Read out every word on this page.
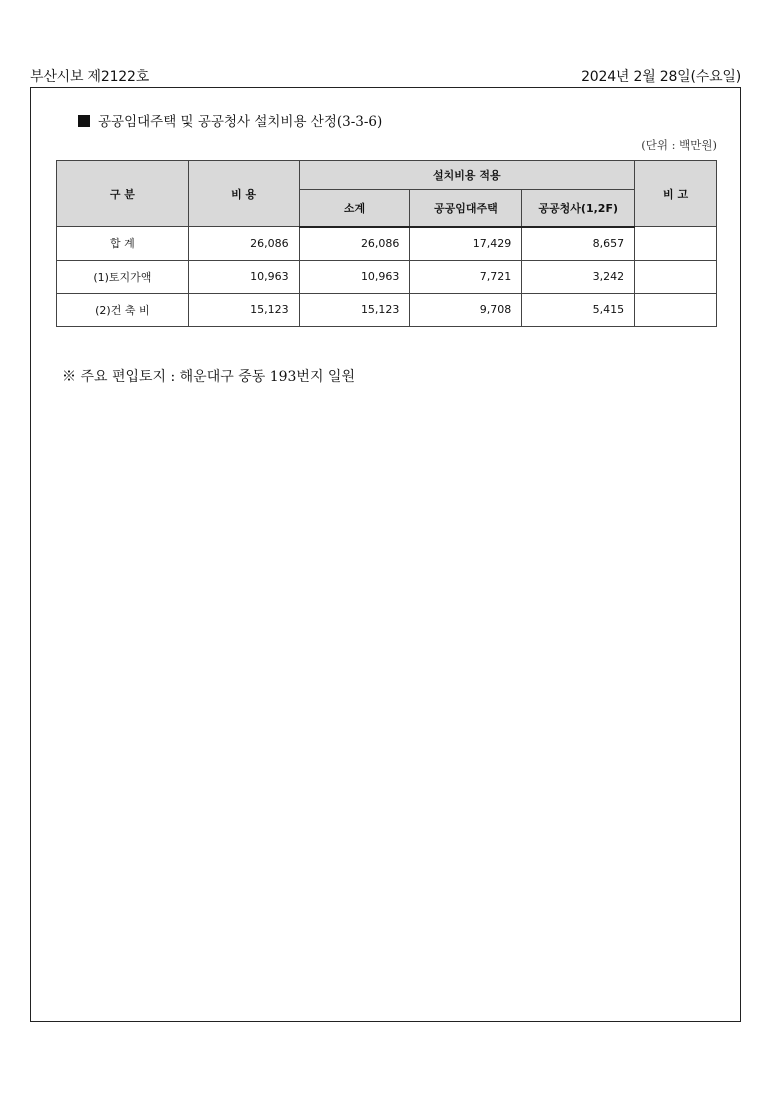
부산시보 제2122호	2024년 2월 28일(수요일)
공공임대주택 및 공공청사 설치비용 산정(3-3-6)
(단위 : 백만원)
구 분	비 용	설치비용 적용			비 고
		소계	공공임대주택	공공청사(1,2F)	
합 계	26,086	26,086	17,429	8,657	
(1)토지가액	10,963	10,963	7,721	3,242	
(2)건 축 비	15,123	15,123	9,708	5,415	
※ 주요 편입토지 : 해운대구 중동 193번지 일원
